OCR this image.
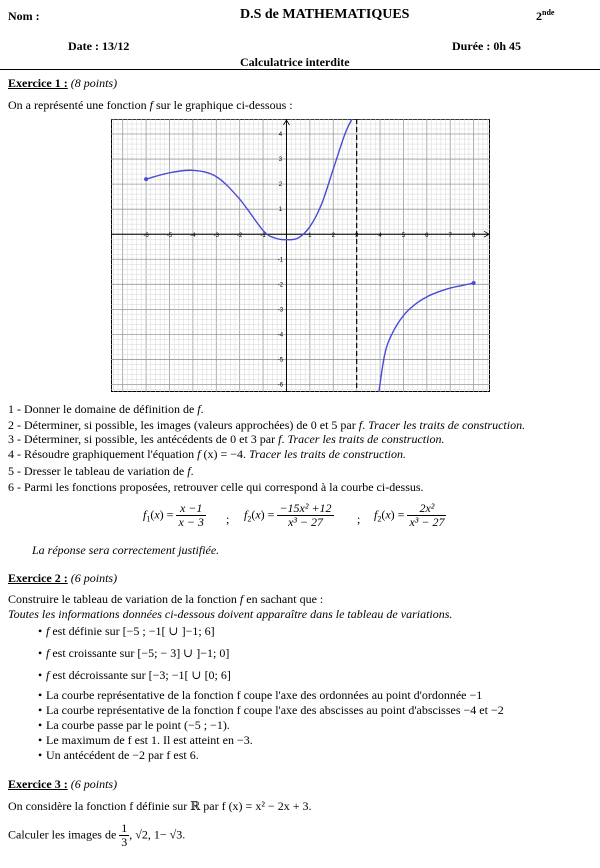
Nom :	D.S de MATHEMATIQUES	2nde
Date : 13/12	Durée : 0h 45
Calculatrice interdite
Exercice 1 : (8 points)
On a représenté une fonction f sur le graphique ci-dessous :
-6	-5	-4	-3	-2	-1	1	2	3	4	5	6	7	8
4
3
2
1
-1
-2
-3
-4
-5
-6
1 - Donner le domaine de définition de f.
2 - Déterminer, si possible, les images (valeurs approchées) de 0 et 5 par f. Tracer les traits de construction.
3 - Déterminer, si possible, les antécédents de 0 et 3 par f. Tracer les traits de construction.
4 - Résoudre graphiquement l'équation f (x) = −4. Tracer les traits de construction.
5 - Dresser le tableau de variation de f.
6 - Parmi les fonctions proposées, retrouver celle qui correspond à la courbe ci-dessus.
$f_1(x) = \frac{x -1}{x - 3}$ ; $f_2(x) = \frac{\text{−15x² +12}}{\text{x³ − 27}}$ ; $f_2(x) = \frac{\text{2x²}}{\text{x³ − 27}}$
La réponse sera correctement justifiée.
Exercice 2 : (6 points)
Construire le tableau de variation de la fonction f en sachant que :
Toutes les informations données ci-dessous doivent apparaître dans le tableau de variations.
• f est définie sur [−5 ; −1[ ∪ ]−1; 6]
• f est croissante sur [−5; − 3] ∪ ]−1; 0]
• f est décroissante sur [−3; −1[ ∪ [0; 6]
• La courbe représentative de la fonction f coupe l'axe des ordonnées au point d'ordonnée −1
• La courbe représentative de la fonction f coupe l'axe des abscisses au point d'abscisses −4 et −2
• La courbe passe par le point (−5 ; −1).
• Le maximum de f est 1. Il est atteint en −3.
• Un antécédent de −2 par f est 6.
Exercice 3 : (6 points)
On considère la fonction f définie sur ℝ par f (x) = x² − 2x + 3.
Calculer les images de $\frac{1}{3}$ , √2, 1− √3.
